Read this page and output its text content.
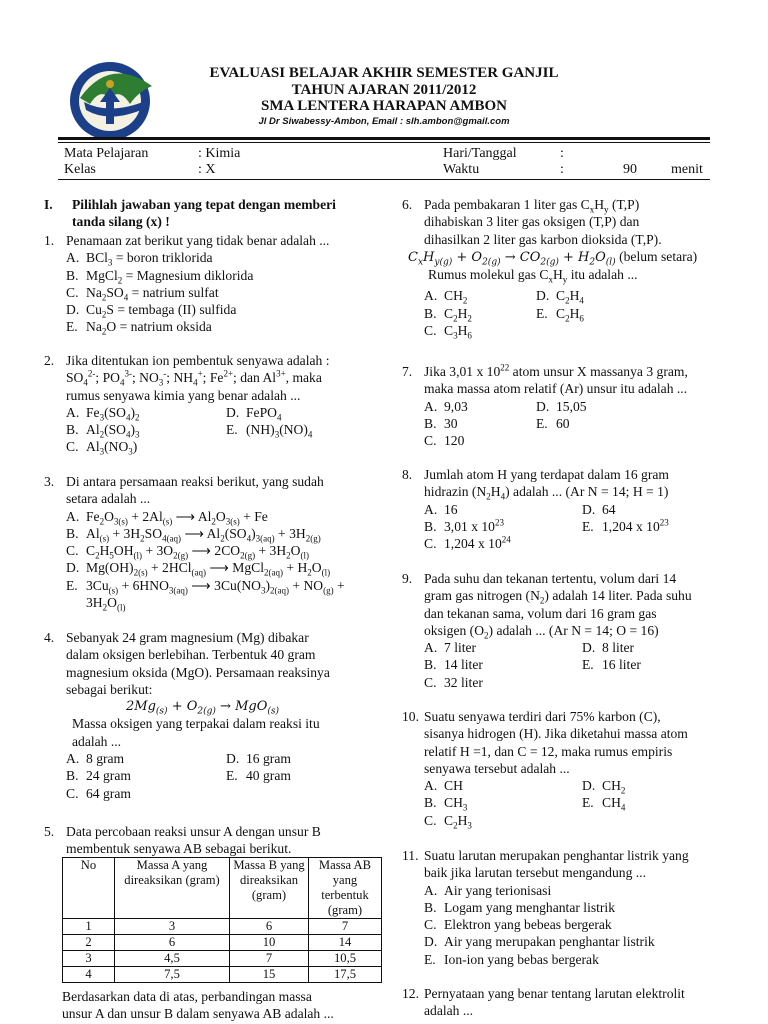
EVALUASI BELAJAR AKHIR SEMESTER GANJIL
TAHUN AJARAN 2011/2012
SMA LENTERA HARAPAN AMBON
Jl Dr Siwabessy-Ambon, Email : slh.ambon@gmail.com
Mata Pelajaran	: Kimia
Kelas	: X
Hari/Tanggal	:
Waktu	:	90 menit
I.	Pilihlah jawaban yang tepat dengan memberi
tanda silang (x) !
1. Penamaan zat berikut yang tidak benar adalah ...
A. BCl$_3$ = boron triklorida
B. MgCl$_2$ = Magnesium diklorida
C. $Na_2SO_4$ = natrium sulfat
D. $Cu_2S$ = tembaga (II) sulfida
E. $Na_2O$ = natrium oksida
2. Jika ditentukan ion pembentuk senyawa adalah :
$SO_4^{2-}$; $PO_4^{3-}$; $NO_3^-$; $NH_4^+$; $Fe^{2+}$; dan $Al^{3+}$, maka
rumus senyawa kimia yang benar adalah ...
A. $Fe_3(SO_4)_2$
B. $Al_2(SO_4)_3$
C. $Al_3(NO_3)$
D. FePO$_4$
E. $(NH)_3(NO)_4$
3. Di antara persamaan reaksi berikut, yang sudah
setara adalah ...
A. $Fe_2O_{3(s)} + 2Al_{(s)}$ ⟶ $Al_2O_{3(s)} + Fe$
B. $Al_{(s)} + 3H_2SO_{4(aq)}$ ⟶ $Al_2(SO_4)_{3(aq)} + 3H_{2(g)}$
C. $C_2H_5OH_{(l)} + 3O_{2(g)}$ ⟶ $2CO_{2(g)} + 3H_2O_{(l)}$
D. $Mg(OH)_{2(s)} + 2HCl_{(aq)}$ ⟶ MgCl$_{2(aq)}$ + $H_2O_{(l)}$
E. $3Cu_{(s)} + 6HNO_{3(aq)}$ ⟶ $3Cu(NO_3)_{2(aq)} + NO_{(g)}$ +
$3H_2O_{(l)}$
4. Sebanyak 24 gram magnesium (Mg) dibakar
dalam oksigen berlebihan. Terbentuk 40 gram
magnesium oksida (MgO). Persamaan reaksinya
sebagai berikut:
$2Mg_{(s)} + O_{2(g)} \to MgO_{(s)}$
Massa oksigen yang terpakai dalam reaksi itu
adalah ...
A. 8 gram
B. 24 gram
C. 64 gram
D. 16 gram
E. 40 gram
5. Data percobaan reaksi unsur A dengan unsur B
membentuk senyawa AB sebagai berikut.
No	Massa A yang direaksikan (gram)	Massa B yang direaksikan (gram)	Massa AB yang terbentuk (gram)
1	3	6	7
2	6	10	14
3	4,5	7	10,5
4	7,5	15	17,5
Berdasarkan data di atas, perbandingan massa
unsur A dan unsur B dalam senyawa AB adalah ...
6. Pada pembakaran 1 liter gas $C_xH_y$ (T,P)
dihabiskan 3 liter gas oksigen (T,P) dan
dihasilkan 2 liter gas karbon dioksida (T,P).
$C_xH_{y(g)} + O_{2(g)} \to CO_{2(g)} + H_2O_{(l)}$ (belum setara)
Rumus molekul gas $C_xH_y$ itu adalah ...
A. $CH_2$
B. $C_2H_2$
C. $C_3H_6$
D. $C_2H_4$
E. $C_2H_6$
7. Jika 3,01 x $10^{22}$ atom unsur X massanya 3 gram,
maka massa atom relatif (Ar) unsur itu adalah ...
A. 9,03
B. 30
C. 120
D. 15,05
E. 60
8. Jumlah atom H yang terdapat dalam 16 gram
hidrazin $(N_2H_4)$ adalah ... (Ar N = 14; H = 1)
A. 16
B. 3,01 x $10^{23}$
C. 1,204 x $10^{24}$
D. 64
E. 1,204 x $10^{23}$
9. Pada suhu dan tekanan tertentu, volum dari 14
gram gas nitrogen $(N_2)$ adalah 14 liter. Pada suhu
dan tekanan sama, volum dari 16 gram gas
oksigen $(O_2)$ adalah ... (Ar N = 14; O = 16)
A. 7 liter
B. 14 liter
C. 32 liter
D. 8 liter
E. 16 liter
10. Suatu senyawa terdiri dari 75% karbon (C),
sisanya hidrogen (H). Jika diketahui massa atom
relatif H =1, dan C = 12, maka rumus empiris
senyawa tersebut adalah ...
A. CH
B. $CH_3$
C. $C_2H_3$
D. $CH_2$
E. $CH_4$
11. Suatu larutan merupakan penghantar listrik yang
baik jika larutan tersebut mengandung ...
A. Air yang terionisasi
B. Logam yang menghantar listrik
C. Elektron yang bebeas bergerak
D. Air yang merupakan penghantar listrik
E. Ion-ion yang bebas bergerak
12. Pernyataan yang benar tentang larutan elektrolit
adalah ...
